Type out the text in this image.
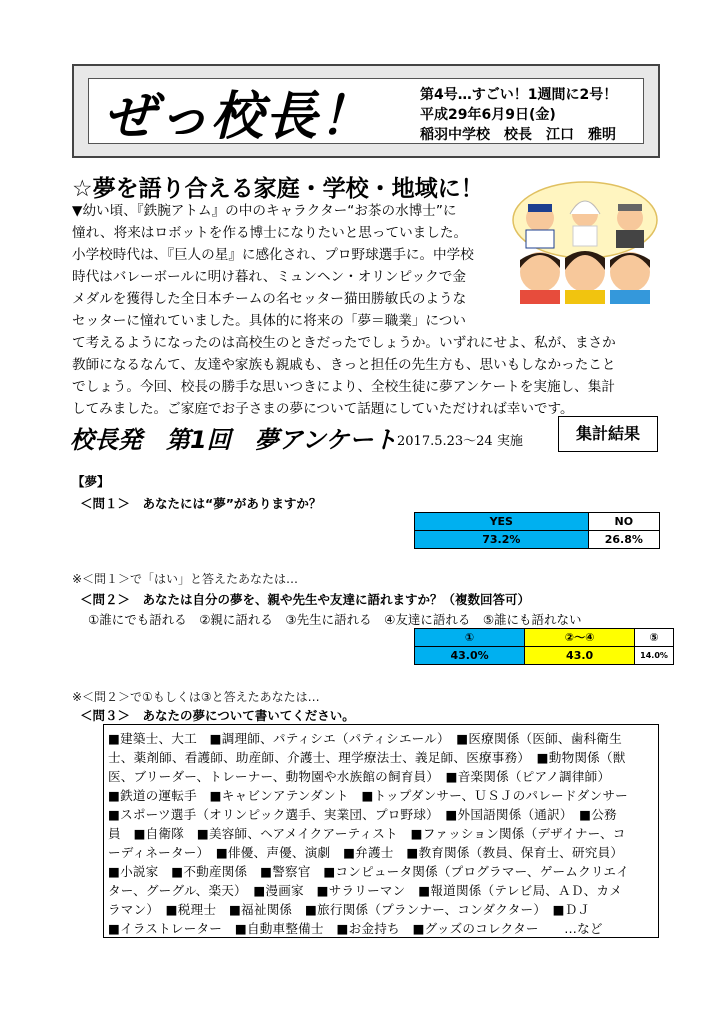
ぜっ校長！	第4号…すごい！1週間に2号！
平成29年6月9日(金)
稲羽中学校　校長　江口　雅明
☆夢を語り合える家庭・学校・地域に！
▼幼い頃、『鉄腕アトム』の中のキャラクター“お茶の水博士”に
憧れ、将来はロボットを作る博士になりたいと思っていました。
小学校時代は、『巨人の星』に感化され、プロ野球選手に。中学校
時代はバレーボールに明け暮れ、ミュンヘン・オリンピックで金
メダルを獲得した全日本チームの名セッター猫田勝敏氏のような
セッターに憧れていました。具体的に将来の「夢＝職業」につい
て考えるようになったのは高校生のときだったでしょうか。いずれにせよ、私が、まさか
教師になるなんて、友達や家族も親戚も、きっと担任の先生方も、思いもしなかったこと
でしょう。今回、校長の勝手な思いつきにより、全校生徒に夢アンケートを実施し、集計
してみました。ご家庭でお子さまの夢について話題にしていただければ幸いです。
校長発　第1回　夢アンケート 2017.5.23～24 実施	集計結果
【夢】
＜問１＞　あなたには“夢”がありますか？
YES	NO
73.2%	26.8%
※＜問１＞で「はい」と答えたあなたは…
＜問２＞　あなたは自分の夢を、親や先生や友達に語れますか？（複数回答可）
①誰にでも語れる　②親に語れる　③先生に語れる　④友達に語れる　⑤誰にも語れない
①	②～④	⑤
43.0%	43.0	14.0%
※＜問２＞で①もしくは③と答えたあなたは…
＜問３＞　あなたの夢について書いてください。
■建築士、大工　■調理師、パティシエ（パティシエール）　■医療関係（医師、歯科衛生
士、薬剤師、看護師、助産師、介護士、理学療法士、義足師、医療事務）　■動物関係（獣
医、ブリーダー、トレーナー、動物園や水族館の飼育員）　■音楽関係（ピアノ調律師）
■鉄道の運転手　■キャビンアテンダント　■トップダンサー、ＵＳＪのパレードダンサー
■スポーツ選手（オリンピック選手、実業団、プロ野球）　■外国語関係（通訳）　■公務
員　■自衛隊　■美容師、ヘアメイクアーティスト　■ファッション関係（デザイナー、コ
ーディネーター）　■俳優、声優、演劇　■弁護士　■教育関係（教員、保育士、研究員）
■小説家　■不動産関係　■警察官　■コンピュータ関係（プログラマー、ゲームクリエイ
ター、グーグル、楽天）　■漫画家　■サラリーマン　■報道関係（テレビ局、ＡＤ、カメ
ラマン）　■税理士　■福祉関係　■旅行関係（プランナー、コンダクター）　■ＤＪ
■イラストレーター　■自動車整備士　■お金持ち　■グッズのコレクター　　…など
